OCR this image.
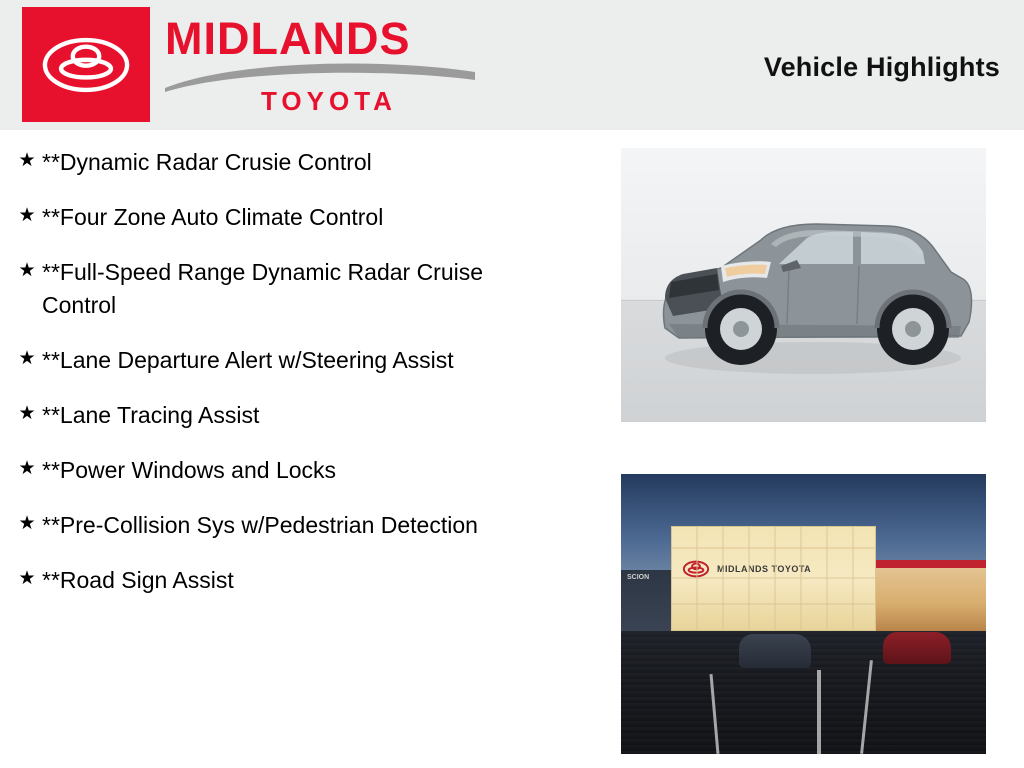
MIDLANDS
TOYOTA
Vehicle Highlights
★ **Dynamic Radar Crusie Control
★ **Four Zone Auto Climate Control
★ **Full-Speed Range Dynamic Radar Cruise Control
★ **Lane Departure Alert w/Steering Assist
★ **Lane Tracing Assist
★ **Power Windows and Locks
★ **Pre-Collision Sys w/Pedestrian Detection
★ **Road Sign Assist	MIDLANDS TOYOTA
SCION
